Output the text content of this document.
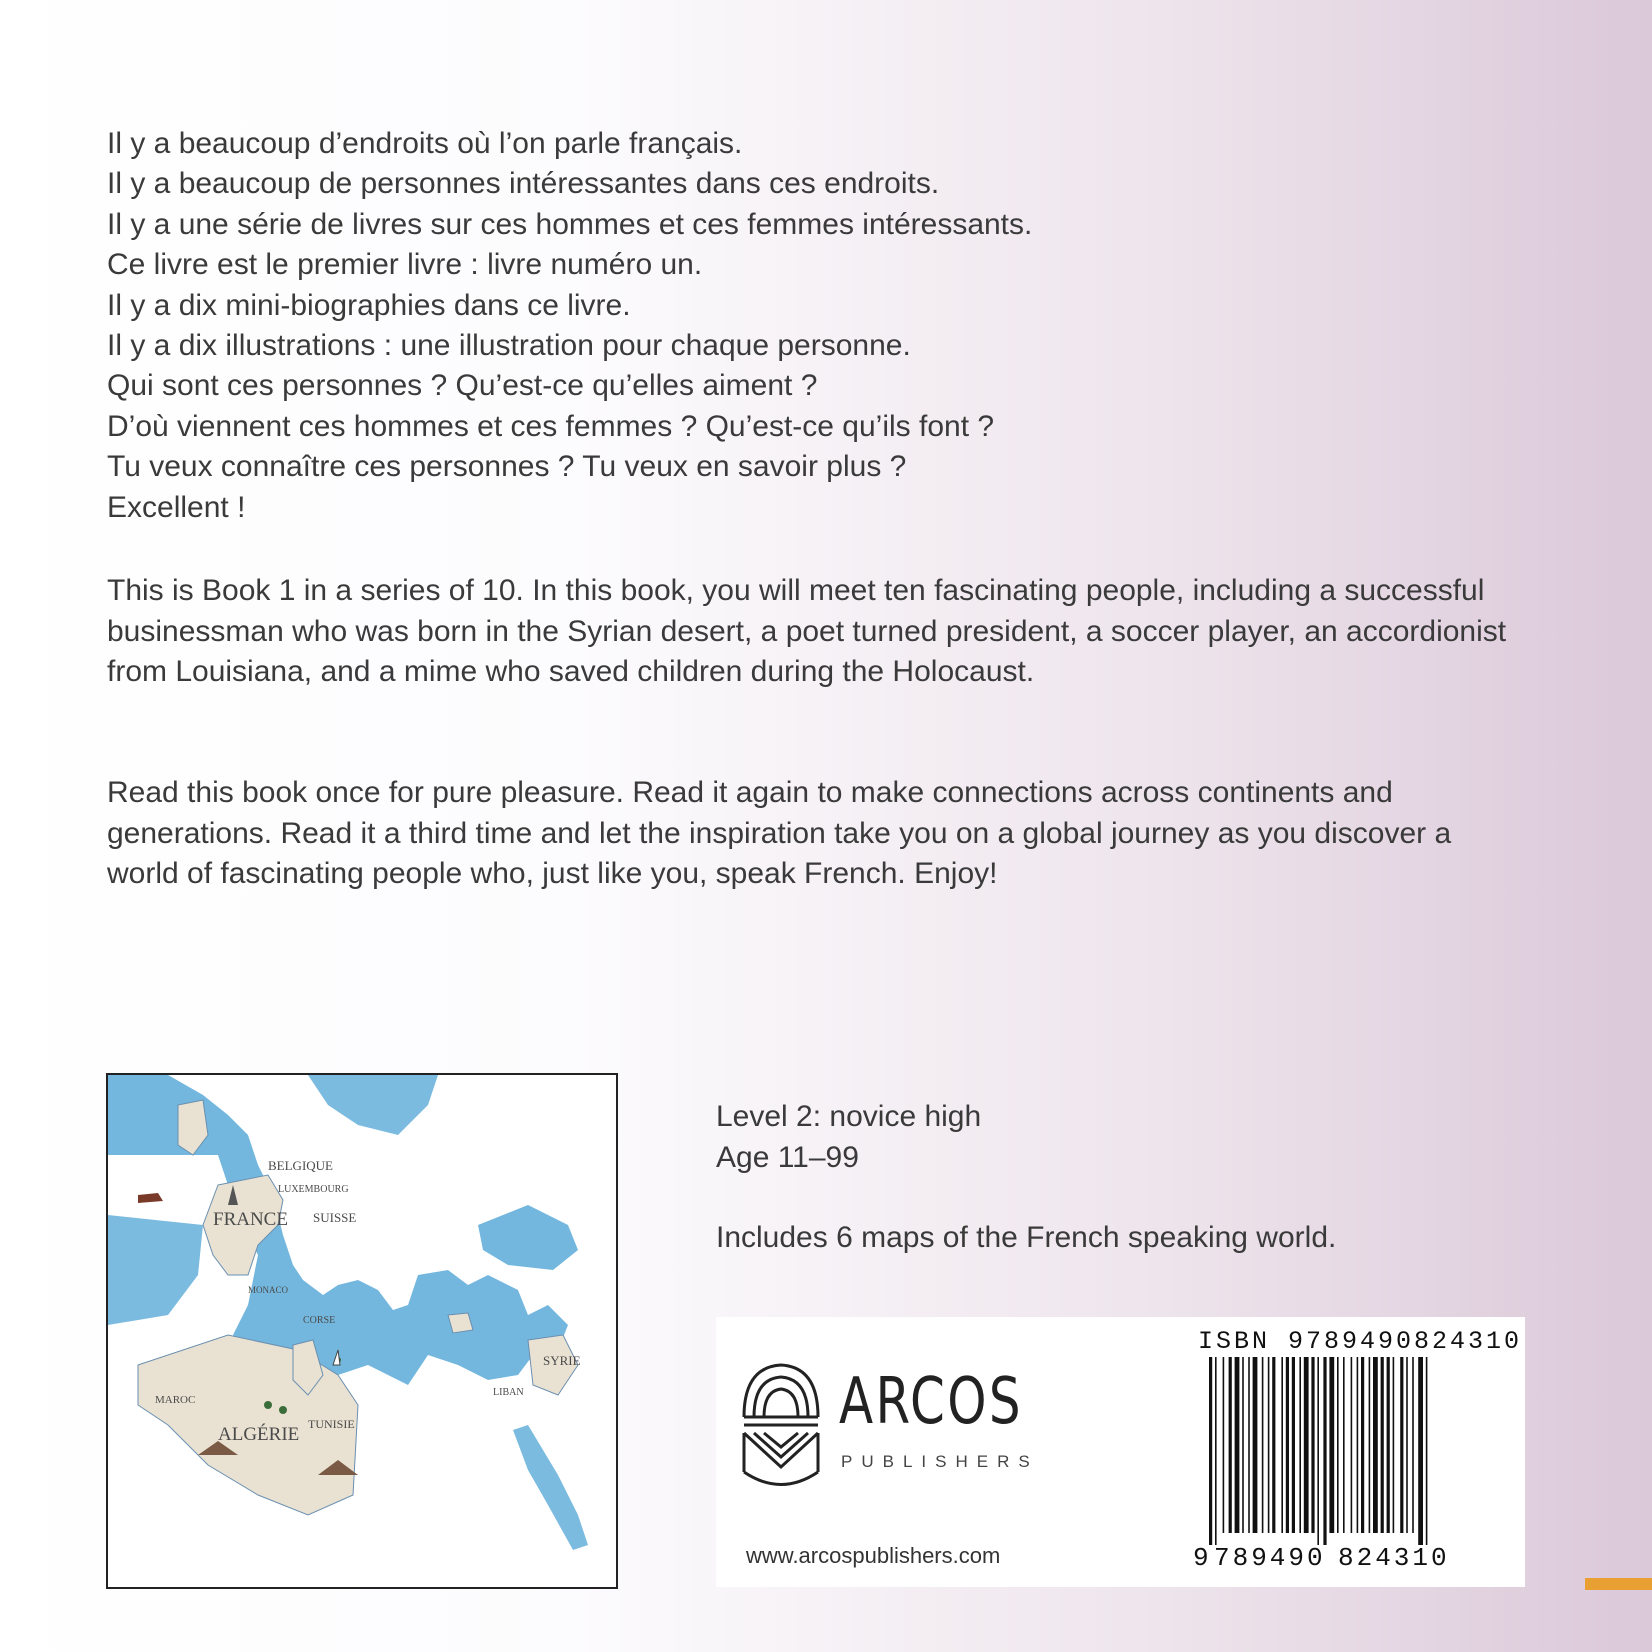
Il y a beaucoup d’endroits où l’on parle français.
Il y a beaucoup de personnes intéressantes dans ces endroits.
Il y a une série de livres sur ces hommes et ces femmes intéressants.
Ce livre est le premier livre : livre numéro un.
Il y a dix mini-biographies dans ce livre.
Il y a dix illustrations : une illustration pour chaque personne.
Qui sont ces personnes ? Qu’est-ce qu’elles aiment ?
D’où viennent ces hommes et ces femmes ? Qu’est-ce qu’ils font ?
Tu veux connaître ces personnes ? Tu veux en savoir plus ?
Excellent !
This is Book 1 in a series of 10. In this book, you will meet ten fascinating people, including a successful businessman who was born in the Syrian desert, a poet turned president, a soccer player, an accordionist from Louisiana, and a mime who saved children during the Holocaust.
Read this book once for pure pleasure. Read it again to make connections across continents and generations. Read it a third time and let the inspiration take you on a global journey as you discover a world of fascinating people who, just like you, speak French. Enjoy!
BELGIQUE
LUXEMBOURG
FRANCE SUISSE
MONACO
CORSE
MAROC
ALGÉRIE TUNISIE
LIBAN
SYRIE
Level 2: novice high
Age 11–99
Includes 6 maps of the French speaking world.
ARCOS
PUBLISHERS
www.arcospublishers.com
ISBN 9789490824310
9 789490 824310
